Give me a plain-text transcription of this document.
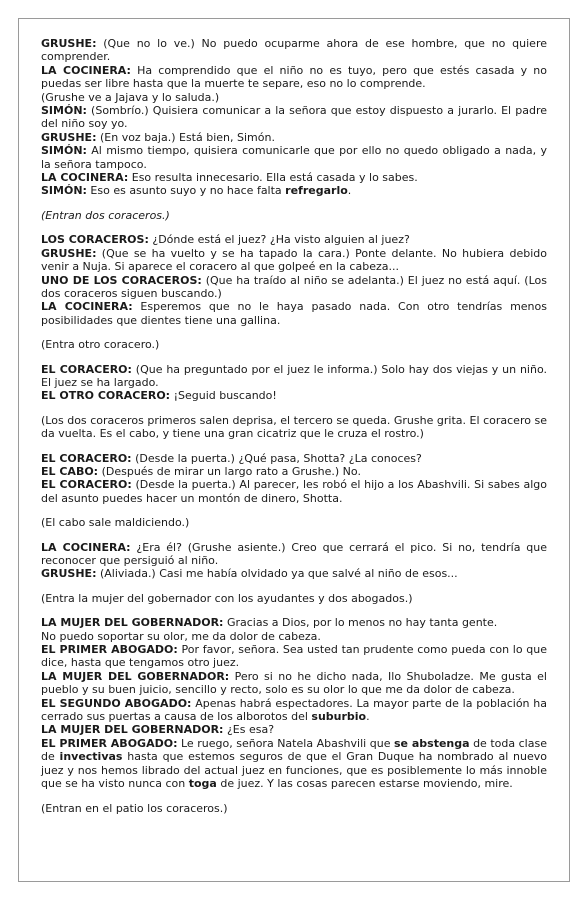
GRUSHE: (Que no lo ve.) No puedo ocuparme ahora de ese hombre, que no quiere comprender.

LA COCINERA: Ha comprendido que el niño no es tuyo, pero que estés casada y no puedas ser libre hasta que la muerte te separe, eso no lo comprende.

(Grushe ve a Jajava y lo saluda.)

SIMÓN: (Sombrío.) Quisiera comunicar a la señora que estoy dispuesto a jurarlo. El padre del niño soy yo.

GRUSHE: (En voz baja.) Está bien, Simón.

SIMÓN: Al mismo tiempo, quisiera comunicarle que por ello no quedo obligado a nada, y la señora tampoco.

LA COCINERA: Eso resulta innecesario. Ella está casada y lo sabes.

SIMÓN: Eso es asunto suyo y no hace falta refregarlo.

(Entran dos coraceros.)

LOS CORACEROS: ¿Dónde está el juez? ¿Ha visto alguien al juez?

GRUSHE: (Que se ha vuelto y se ha tapado la cara.) Ponte delante. No hubiera debido venir a Nuja. Si aparece el coracero al que golpeé en la cabeza...

UNO DE LOS CORACEROS: (Que ha traído al niño se adelanta.) El juez no está aquí. (Los dos coraceros siguen buscando.)

LA COCINERA: Esperemos que no le haya pasado nada. Con otro tendrías menos posibilidades que dientes tiene una gallina.

(Entra otro coracero.)

EL CORACERO: (Que ha preguntado por el juez le informa.) Solo hay dos viejas y un niño. El juez se ha largado.

EL OTRO CORACERO: ¡Seguid buscando!

(Los dos coraceros primeros salen deprisa, el tercero se queda. Grushe grita. El coracero se da vuelta. Es el cabo, y tiene una gran cicatriz que le cruza el rostro.)

EL CORACERO: (Desde la puerta.) ¿Qué pasa, Shotta? ¿La conoces?

EL CABO: (Después de mirar un largo rato a Grushe.) No.

EL CORACERO: (Desde la puerta.) Al parecer, les robó el hijo a los Abashvili. Si sabes algo del asunto puedes hacer un montón de dinero, Shotta.

(El cabo sale maldiciendo.)

LA COCINERA: ¿Era él? (Grushe asiente.) Creo que cerrará el pico. Si no, tendría que reconocer que persiguió al niño.

GRUSHE: (Aliviada.) Casi me había olvidado ya que salvé al niño de esos...

(Entra la mujer del gobernador con los ayudantes y dos abogados.)

LA MUJER DEL GOBERNADOR: Gracias a Dios, por lo menos no hay tanta gente.

No puedo soportar su olor, me da dolor de cabeza.

EL PRIMER ABOGADO: Por favor, señora. Sea usted tan prudente como pueda con lo que dice, hasta que tengamos otro juez.

LA MUJER DEL GOBERNADOR: Pero si no he dicho nada, Ilo Shuboladze. Me gusta el pueblo y su buen juicio, sencillo y recto, solo es su olor lo que me da dolor de cabeza.

EL SEGUNDO ABOGADO: Apenas habrá espectadores. La mayor parte de la población ha cerrado sus puertas a causa de los alborotos del suburbio.

LA MUJER DEL GOBERNADOR: ¿Es esa?

EL PRIMER ABOGADO: Le ruego, señora Natela Abashvili que se abstenga de toda clase de invectivas hasta que estemos seguros de que el Gran Duque ha nombrado al nuevo juez y nos hemos librado del actual juez en funciones, que es posiblemente lo más innoble que se ha visto nunca con toga de juez. Y las cosas parecen estarse moviendo, mire.

(Entran en el patio los coraceros.)
